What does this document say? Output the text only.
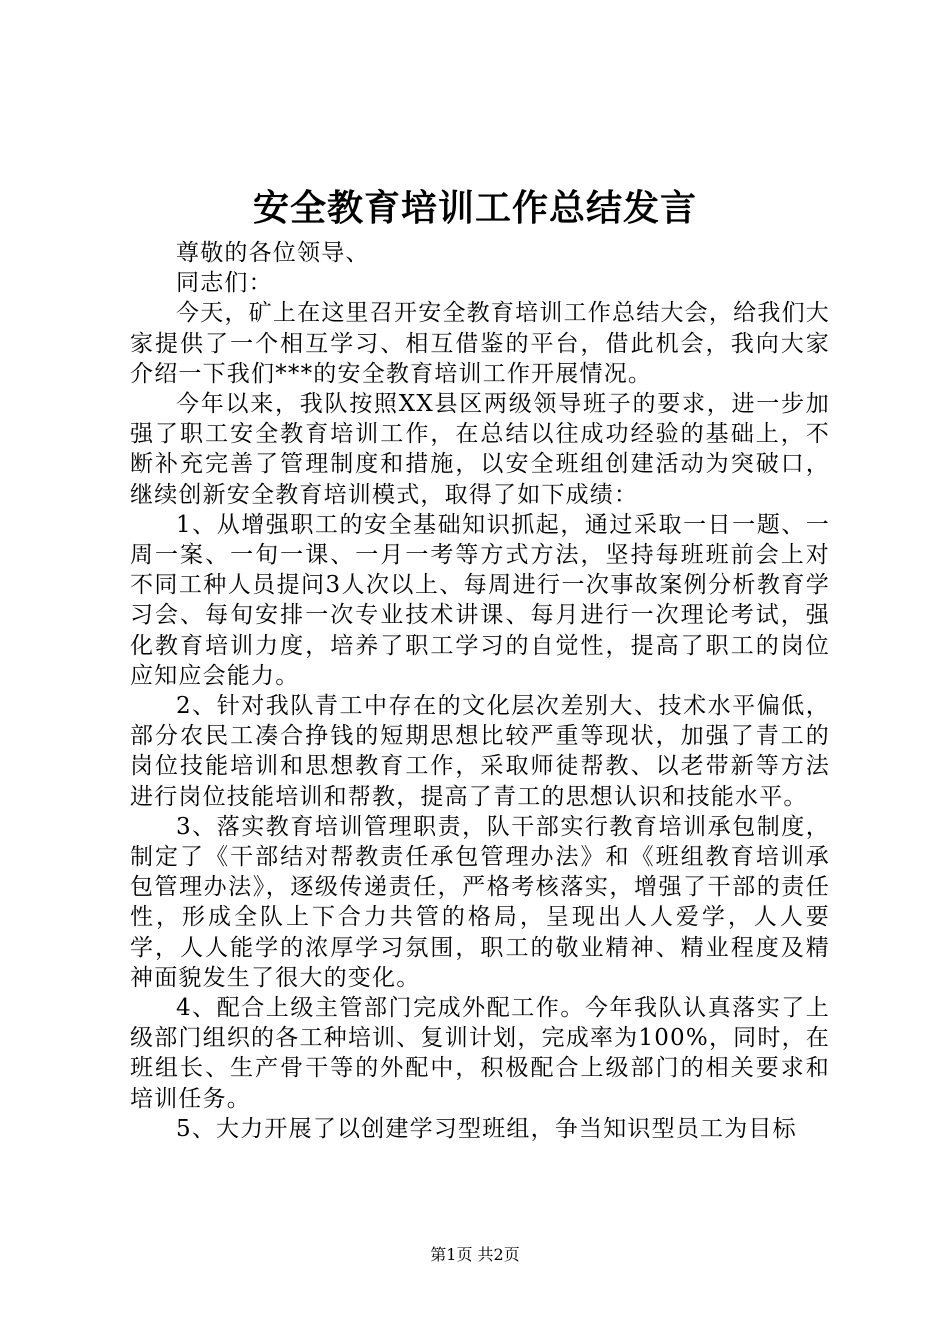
安全教育培训工作总结发言

尊敬的各位领导、

同志们：

今天，矿上在这里召开安全教育培训工作总结大会，给我们大家提供了一个相互学习、相互借鉴的平台，借此机会，我向大家介绍一下我们***的安全教育培训工作开展情况。

今年以来，我队按照XX县区两级领导班子的要求，进一步加强了职工安全教育培训工作，在总结以往成功经验的基础上，不断补充完善了管理制度和措施，以安全班组创建活动为突破口，继续创新安全教育培训模式，取得了如下成绩：

1、从增强职工的安全基础知识抓起，通过采取一日一题、一周一案、一旬一课、一月一考等方式方法，坚持每班班前会上对不同工种人员提问3人次以上、每周进行一次事故案例分析教育学习会、每旬安排一次专业技术讲课、每月进行一次理论考试，强化教育培训力度，培养了职工学习的自觉性，提高了职工的岗位应知应会能力。

2、针对我队青工中存在的文化层次差别大、技术水平偏低，部分农民工凑合挣钱的短期思想比较严重等现状，加强了青工的岗位技能培训和思想教育工作，采取师徒帮教、以老带新等方法进行岗位技能培训和帮教，提高了青工的思想认识和技能水平。

3、落实教育培训管理职责，队干部实行教育培训承包制度，制定了《干部结对帮教责任承包管理办法》和《班组教育培训承包管理办法》，逐级传递责任，严格考核落实，增强了干部的责任性，形成全队上下合力共管的格局，呈现出人人爱学，人人要学，人人能学的浓厚学习氛围，职工的敬业精神、精业程度及精神面貌发生了很大的变化。

4、配合上级主管部门完成外配工作。今年我队认真落实了上级部门组织的各工种培训、复训计划，完成率为100%，同时，在班组长、生产骨干等的外配中，积极配合上级部门的相关要求和培训任务。

5、大力开展了以创建学习型班组，争当知识型员工为目标

第1页 共2页
